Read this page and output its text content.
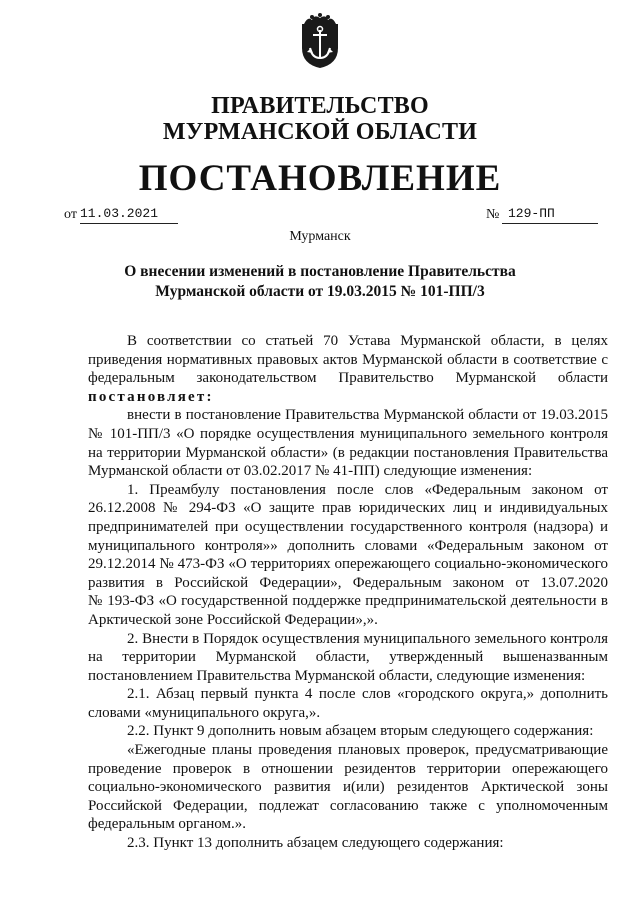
ПРАВИТЕЛЬСТВО
МУРМАНСКОЙ ОБЛАСТИ
ПОСТАНОВЛЕНИЕ
от 11.03.2021	№ 129-ПП
Мурманск
О внесении изменений в постановление Правительства
Мурманской области от 19.03.2015 № 101-ПП/3
В соответствии со статьей 70 Устава Мурманской области, в целях
приведения нормативных правовых актов Мурманской области в соответствие с
федеральным законодательством Правительство Мурманской области
постановляет:
внести в постановление Правительства Мурманской области от 19.03.2015
№ 101-ПП/3 «О порядке осуществления муниципального земельного контроля
на территории Мурманской области» (в редакции постановления Правительства
Мурманской области от 03.02.2017 № 41-ПП) следующие изменения:
1. Преамбулу постановления после слов «Федеральным законом от
26.12.2008 № 294-ФЗ «О защите прав юридических лиц и индивидуальных
предпринимателей при осуществлении государственного контроля (надзора) и
муниципального контроля»» дополнить словами «Федеральным законом от
29.12.2014 № 473-ФЗ «О территориях опережающего социально-экономического
развития в Российской Федерации», Федеральным законом от 13.07.2020
№ 193-ФЗ «О государственной поддержке предпринимательской деятельности в
Арктической зоне Российской Федерации»,».
2. Внести в Порядок осуществления муниципального земельного контроля
на территории Мурманской области, утвержденный вышеназванным
постановлением Правительства Мурманской области, следующие изменения:
2.1. Абзац первый пункта 4 после слов «городского округа,» дополнить
словами «муниципального округа,».
2.2. Пункт 9 дополнить новым абзацем вторым следующего содержания:
«Ежегодные планы проведения плановых проверок, предусматривающие
проведение проверок в отношении резидентов территории опережающего
социально-экономического развития и(или) резидентов Арктической зоны
Российской Федерации, подлежат согласованию также с уполномоченным
федеральным органом.».
2.3. Пункт 13 дополнить абзацем следующего содержания:
